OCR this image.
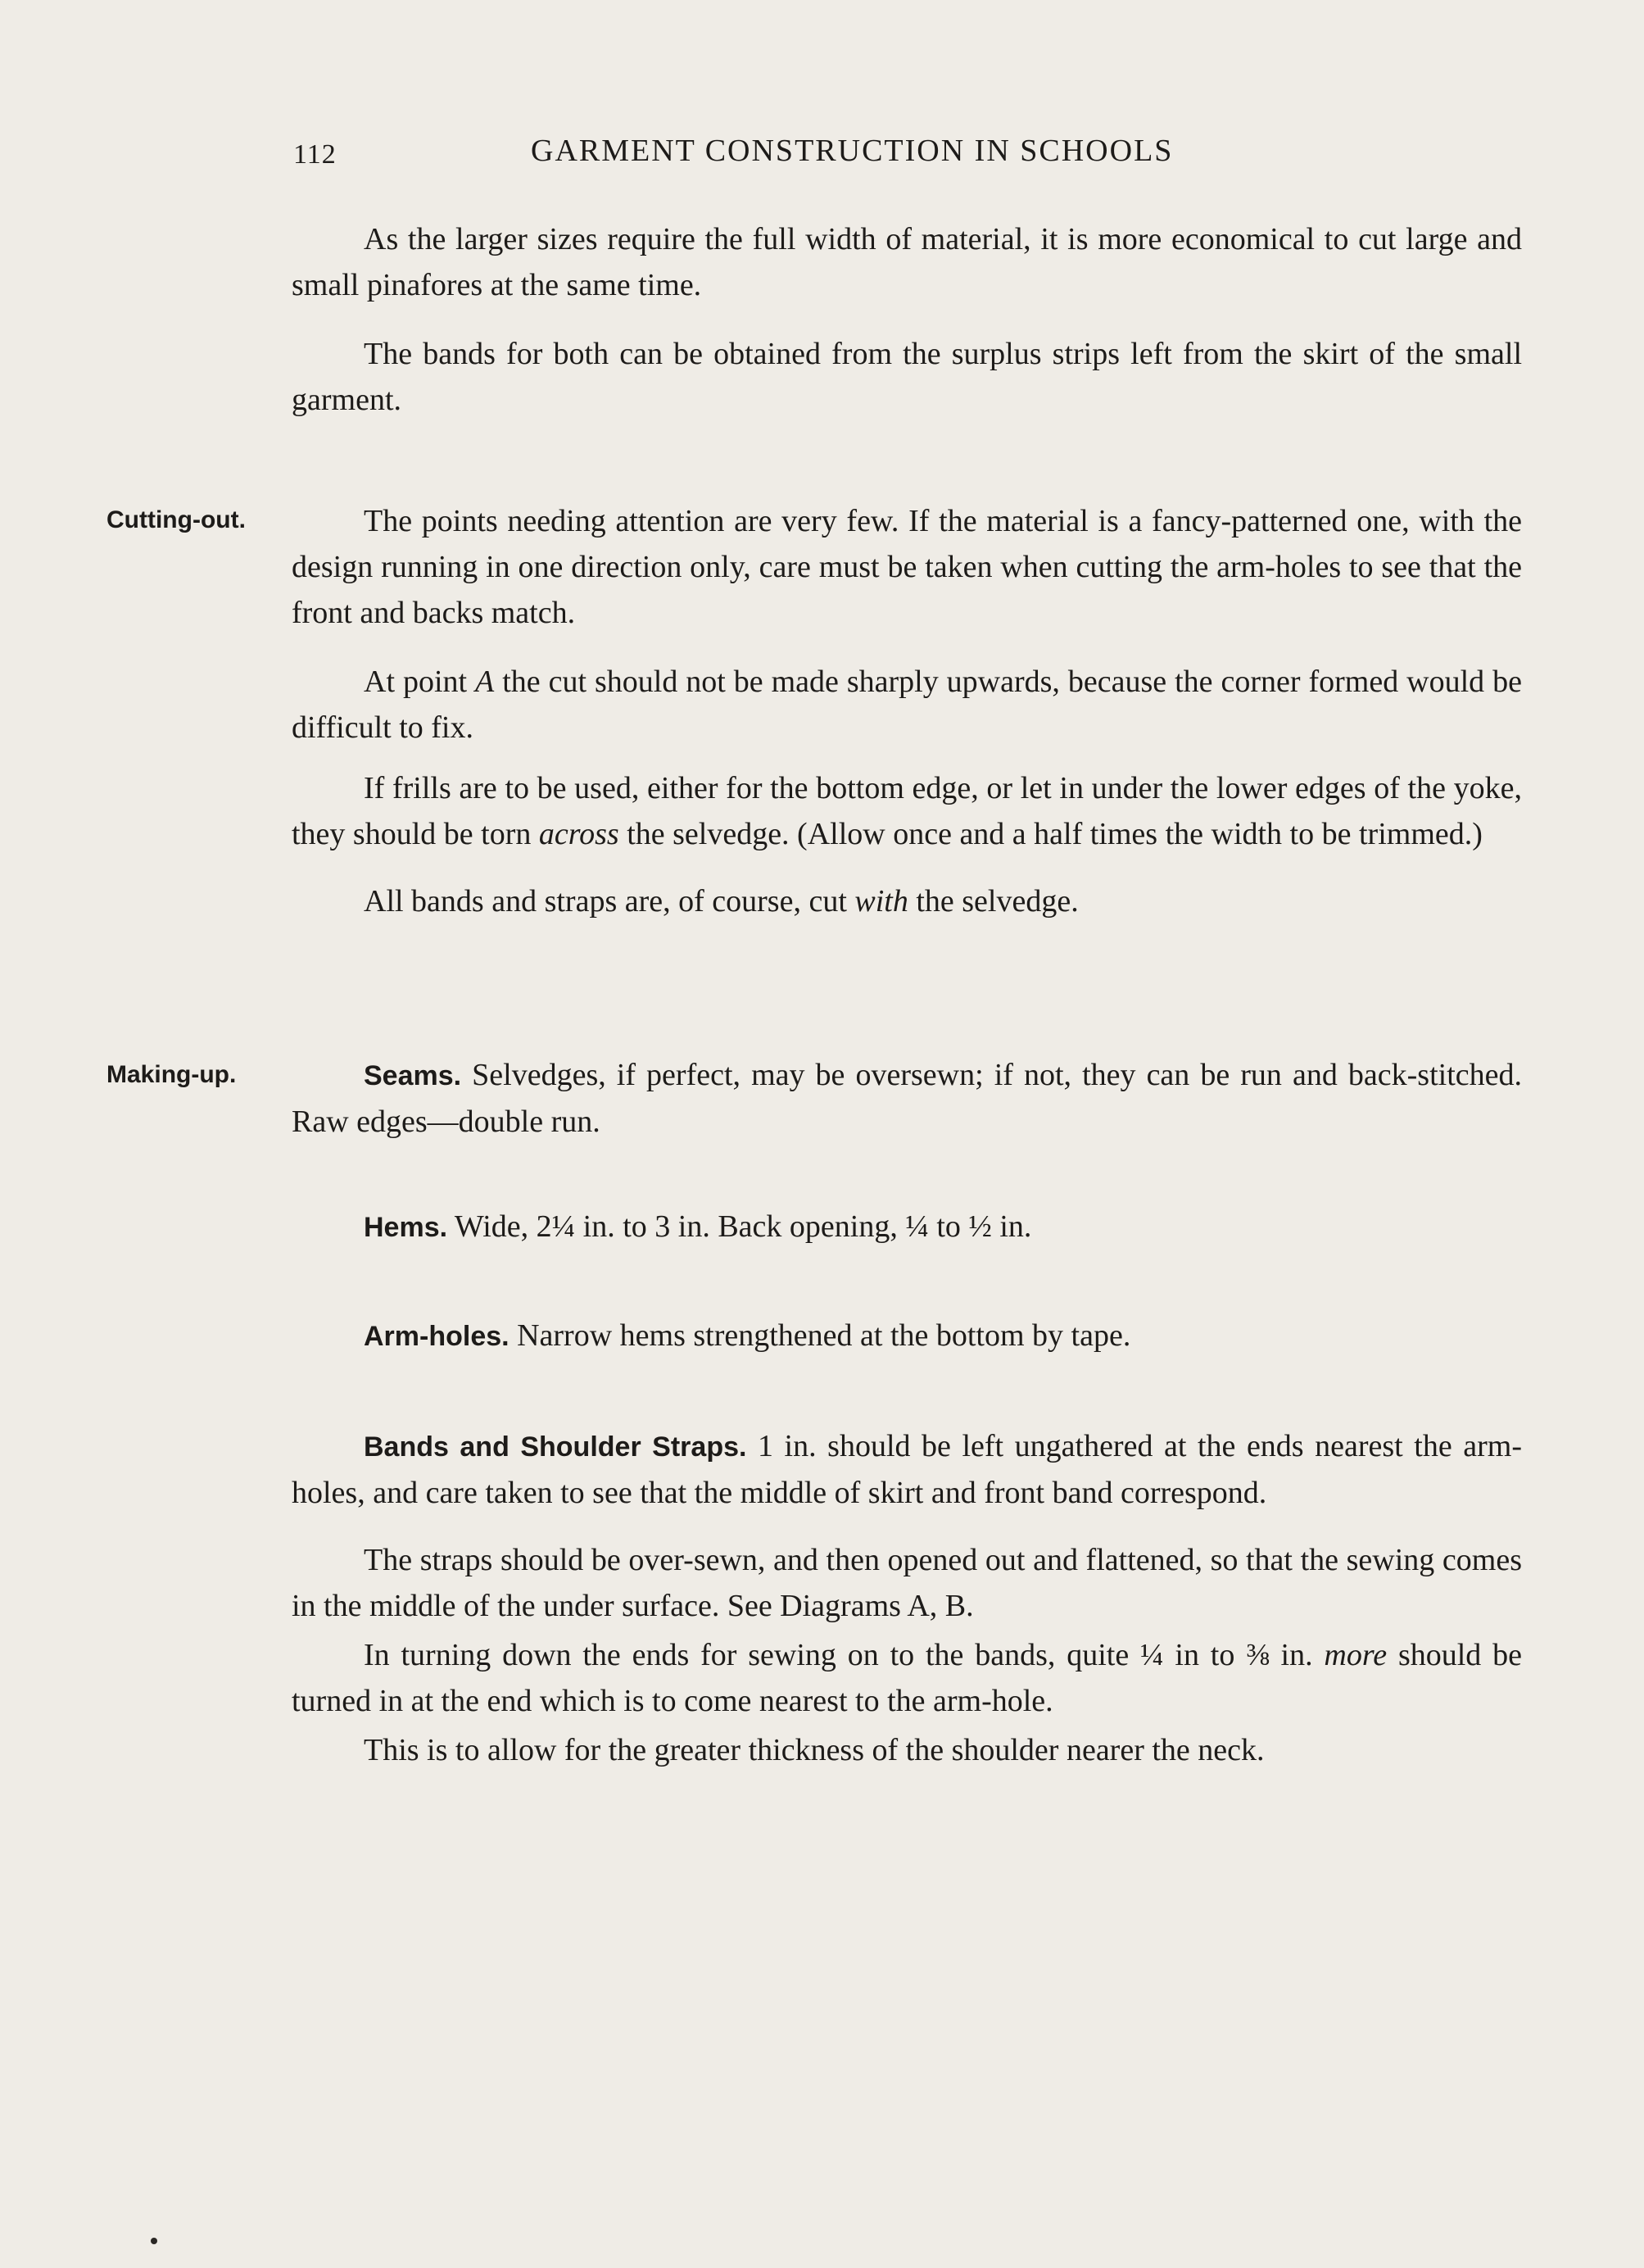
112	GARMENT CONSTRUCTION IN SCHOOLS

As the larger sizes require the full width of material, it is more economical to cut large and small pinafores at the same time.

The bands for both can be obtained from the surplus strips left from the skirt of the small garment.

Cutting-out.	The points needing attention are very few. If the material is a fancy-patterned one, with the design running in one direction only, care must be taken when cutting the arm-holes to see that the front and backs match.

At point A the cut should not be made sharply upwards, because the corner formed would be difficult to fix.

If frills are to be used, either for the bottom edge, or let in under the lower edges of the yoke, they should be torn across the selvedge. (Allow once and a half times the width to be trimmed.)

All bands and straps are, of course, cut with the selvedge.

Making-up.	Seams. Selvedges, if perfect, may be oversewn; if not, they can be run and back-stitched. Raw edges—double run.

Hems. Wide, 2¼ in. to 3 in. Back opening, ¼ to ½ in.

Arm-holes. Narrow hems strengthened at the bottom by tape.

Bands and Shoulder Straps. 1 in. should be left ungathered at the ends nearest the arm-holes, and care taken to see that the middle of skirt and front band correspond.

The straps should be over-sewn, and then opened out and flattened, so that the sewing comes in the middle of the under surface. See Diagrams A, B.

In turning down the ends for sewing on to the bands, quite ¼ in to ⅜ in. more should be turned in at the end which is to come nearest to the arm-hole.

This is to allow for the greater thickness of the shoulder nearer the neck.
